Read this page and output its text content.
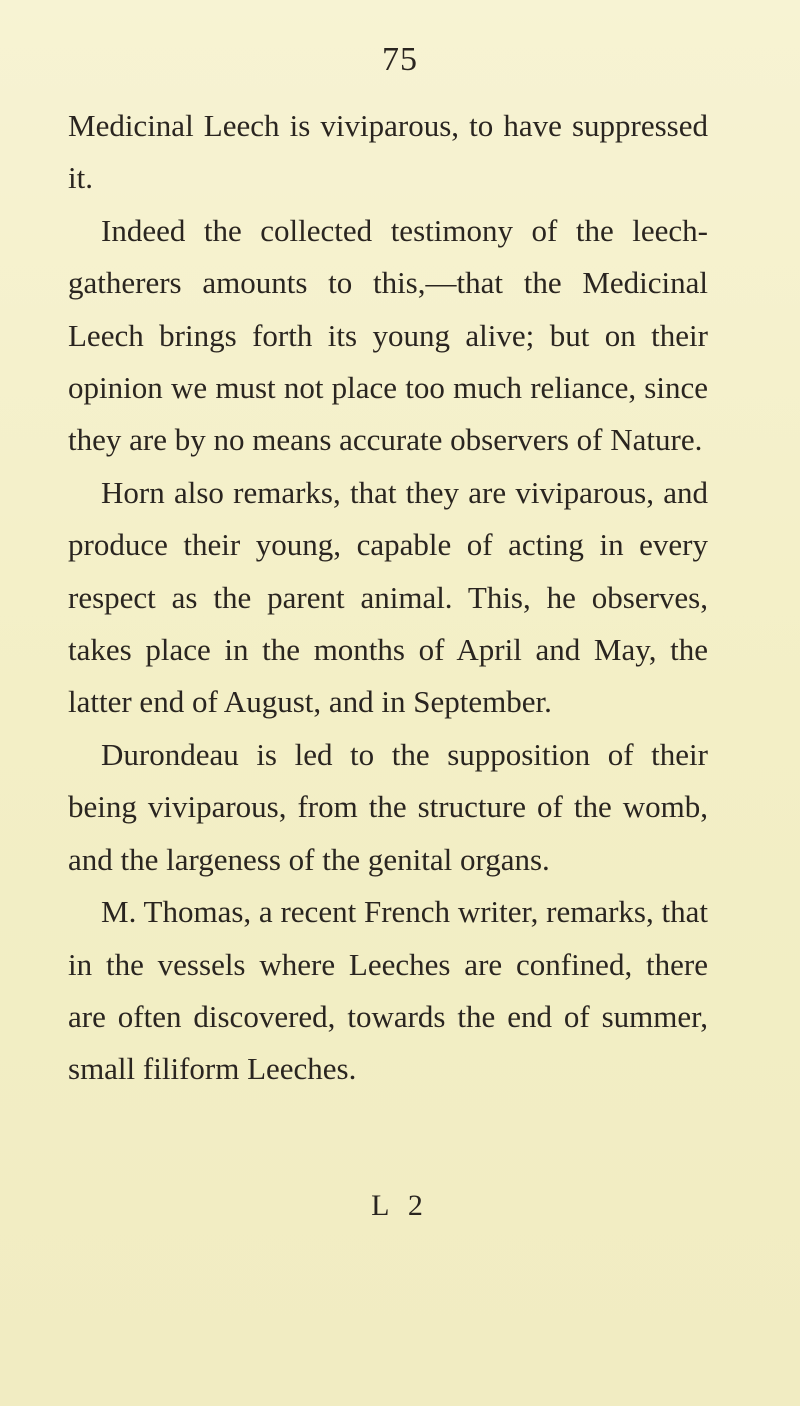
75

Medicinal Leech is viviparous, to have suppressed it.

Indeed the collected testimony of the leech-gatherers amounts to this,—that the Medicinal Leech brings forth its young alive; but on their opinion we must not place too much reliance, since they are by no means accurate observers of Nature.

Horn also remarks, that they are viviparous, and produce their young, capable of acting in every respect as the parent animal. This, he observes, takes place in the months of April and May, the latter end of August, and in September.

Durondeau is led to the supposition of their being viviparous, from the structure of the womb, and the largeness of the genital organs.

M. Thomas, a recent French writer, remarks, that in the vessels where Leeches are confined, there are often discovered, towards the end of summer, small filiform Leeches.

L 2
